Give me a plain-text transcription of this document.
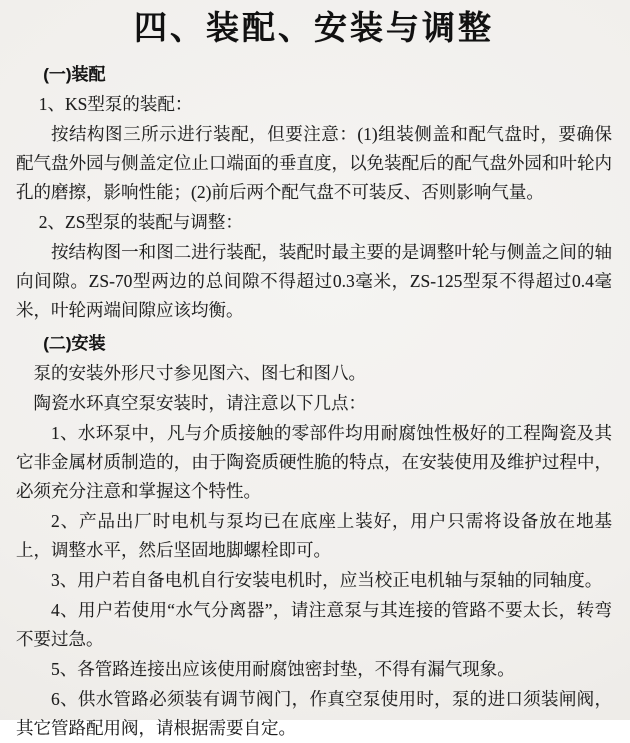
四、装配、安装与调整
(一)装配
1、KS型泵的装配：
按结构图三所示进行装配，但要注意：(1)组装侧盖和配气盘时，要确保配气盘外园与侧盖定位止口端面的垂直度，以免装配后的配气盘外园和叶轮内孔的磨擦，影响性能；(2)前后两个配气盘不可装反、否则影响气量。
2、ZS型泵的装配与调整：
按结构图一和图二进行装配，装配时最主要的是调整叶轮与侧盖之间的轴向间隙。ZS-70型两边的总间隙不得超过0.3毫米，ZS-125型泵不得超过0.4毫米，叶轮两端间隙应该均衡。
(二)安装
泵的安装外形尺寸参见图六、图七和图八。
陶瓷水环真空泵安装时，请注意以下几点：
1、水环泵中，凡与介质接触的零部件均用耐腐蚀性极好的工程陶瓷及其它非金属材质制造的，由于陶瓷质硬性脆的特点，在安装使用及维护过程中，必须充分注意和掌握这个特性。
2、产品出厂时电机与泵均已在底座上装好，用户只需将设备放在地基上，调整水平，然后坚固地脚螺栓即可。
3、用户若自备电机自行安装电机时，应当校正电机轴与泵轴的同轴度。
4、用户若使用“水气分离器”，请注意泵与其连接的管路不要太长，转弯不要过急。
5、各管路连接出应该使用耐腐蚀密封垫，不得有漏气现象。
6、供水管路必须装有调节阀门，作真空泵使用时，泵的进口须装闸阀，其它管路配用阀，请根据需要自定。
